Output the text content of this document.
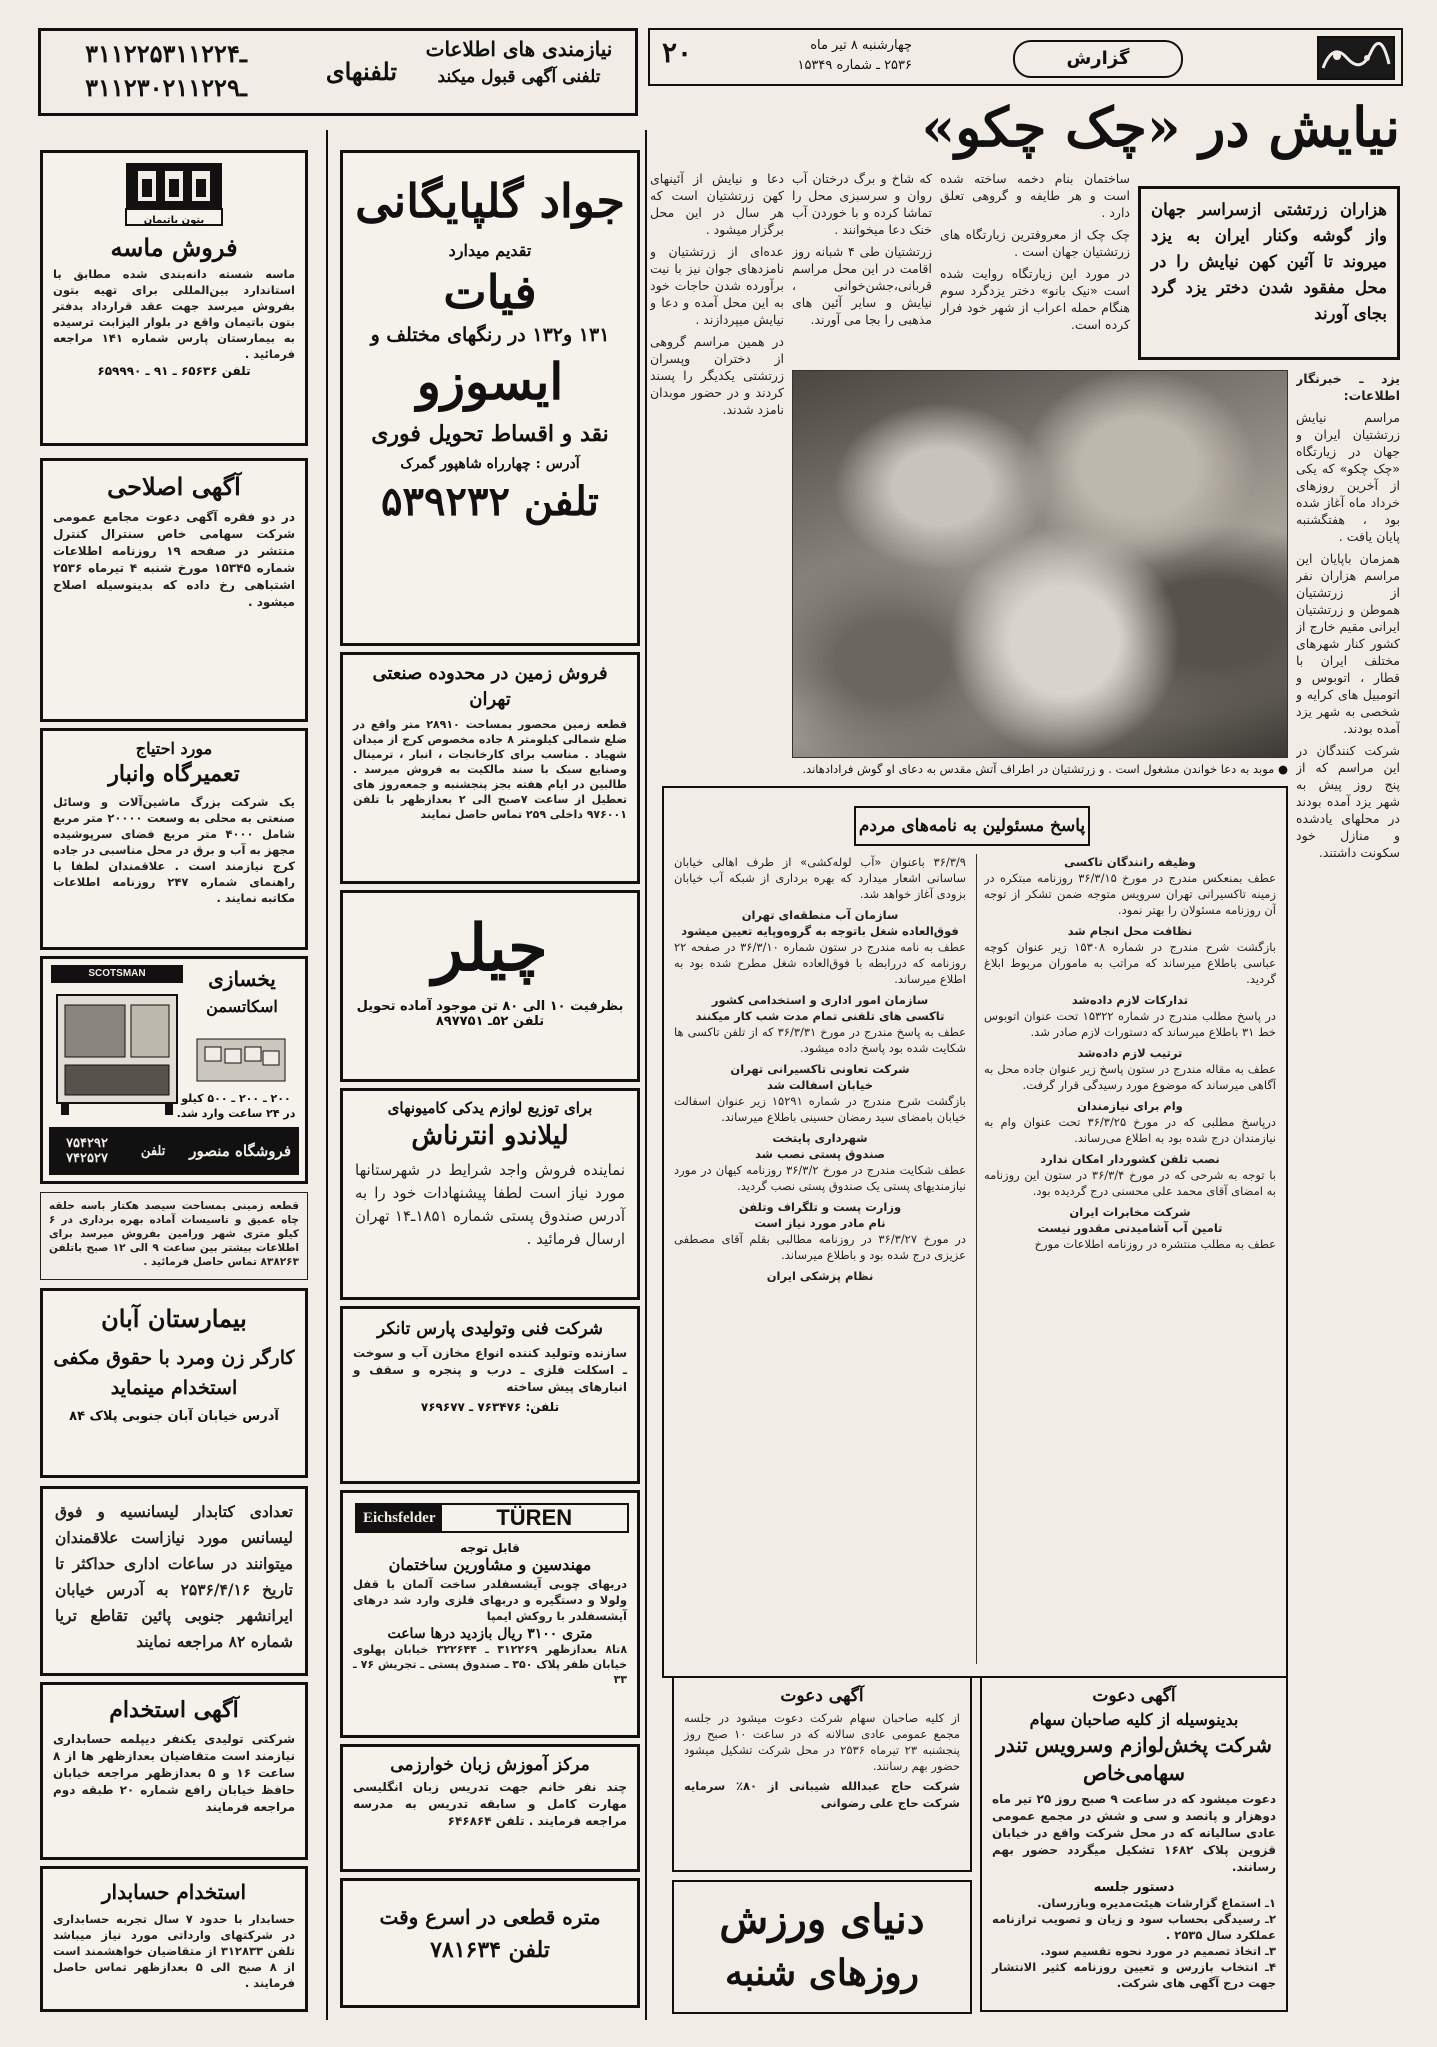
گزارش
چهارشنبه ۸ تیر ماه
۲۵۳۶ ـ شماره ۱۵۳۴۹
۲۰
نیازمندی های اطلاعات
تلفنی آگهی قبول میکند
تلفنهای
۳۱۱۲۲۵ـ۳۱۱۲۲۴
۳۱۱۲۳۰ـ۲۱۱۲۲۹
نیایش در «چک چکو»
هزاران زرتشتی ازسراسر جهان واز گوشه وکنار ایران به یزد میروند تا آئین کهن نیایش را در محل مفقود شدن دختر یزد گرد بجای آورند

ساختمان بنام دخمه ساخته شده است و هر طایفه و گروهی تعلق دارد .

چک چک از معروفترین زیارتگاه های زرتشتیان جهان است .

در مورد این زیارتگاه روایت شده است «نیک بانو» دختر یزدگرد سوم هنگام حمله اعراب از شهر خود فرار کرده است.

که شاخ و برگ درختان آب روان و سرسبزی محل را تماشا کرده و با خوردن آب خنک دعا میخوانند .

زرتشتیان طی ۴ شبانه روز اقامت در این محل مراسم قربانی،جشن‌خوانی ، نیایش و سایر آئین های مذهبی را بجا می آورند.

دعا و نیایش از آئینهای کهن زرتشتیان است که هر سال در این محل برگزار میشود .

عده‌ای از زرتشتیان و نامزدهای جوان نیز با نیت برآورده شدن حاجات خود به این محل آمده و دعا و نیایش میپردازند .

در همین مراسم گروهی از دختران وپسران زرتشتی یکدیگر را پسند کردند و در حضور موبدان نامزد شدند.

یزد ـ خبرنگار اطلاعات:

مراسم نیایش زرتشتیان ایران و جهان در زیارتگاه «چک چکو» که یکی از آخرین روزهای خرداد ماه آغاز شده بود ، هفتگشنبه پایان یافت .

همزمان باپایان این مراسم هزاران نفر از زرتشتیان هموطن و زرتشتیان ایرانی مقیم خارج از کشور کنار شهرهای مختلف ایران با قطار ، اتوبوس و اتومبیل های کرایه و شخصی به شهر یزد آمده بودند.

شرکت کنندگان در این مراسم که از پنج روز پیش به شهر یزد آمده بودند در محلهای یادشده و منازل خود سکونت داشتند.

● موبد به دعا خواندن مشغول است . و زرتشتیان در اطراف آتش مقدس به دعای او گوش فرادادهاند.
پاسخ مسئولین به نامه‌های مردم
وظیفه رانندگان تاکسی

عطف بمنعکس مندرج در مورخ ۳۶/۳/۱۵ روزنامه مبتکره در زمینه تاکسیرانی تهران سرویس متوجه ضمن تشکر از توجه آن روزنامه مسئولان را بهتر نمود.

نظافت محل انجام شد

بازگشت شرح مندرج در شماره ۱۵۳۰۸ زیر عنوان کوچه عباسی باطلاع میرساند که مراتب به ماموران مربوط ابلاغ گردید.

تدارکات لازم داده‌شد

در پاسخ مطلب مندرج در شماره ۱۵۳۲۲ تحت عنوان اتوبوس خط ۳۱ باطلاع میرساند که دستورات لازم صادر شد.

ترتیب لازم داده‌شد

عطف به مقاله مندرج در ستون پاسخ زیر عنوان جاده محل به آگاهی میرساند که موضوع مورد رسیدگی قرار گرفت.

وام برای نیازمندان

درپاسخ مطلبی که در مورخ ۳۶/۳/۲۵ تحت عنوان وام به نیازمندان درج شده بود به اطلاع می‌رساند.

نصب تلفن کشوردار امکان ندارد

با توجه به شرحی که در مورخ ۳۶/۳/۴ در ستون این روزنامه به امضای آقای محمد علی محسنی درج گردیده بود.

شرکت مخابرات ایران
تامین آب آشامیدنی مقدور نیست

عطف به مطلب منتشره در روزنامه اطلاعات مورخ

۳۶/۳/۹ باعنوان «آب لوله‌کشی» از طرف اهالی خیابان ساسانی اشعار میدارد که بهره برداری از شبکه آب خیابان بزودی آغاز خواهد شد.

سازمان آب منطقه‌ای تهران
فوق‌العاده شغل باتوجه به گروه‌وپایه تعیین میشود

عطف به نامه مندرج در ستون شماره ۳۶/۳/۱۰ در صفحه ۲۲ روزنامه که دررابطه با فوق‌العاده شغل مطرح شده بود به اطلاع میرساند.

سازمان امور اداری و استخدامی کشور
تاکسی های تلفنی تمام مدت شب کار میکنند

عطف به پاسخ مندرج در مورخ ۳۶/۳/۳۱ که از تلفن تاکسی ها شکایت شده بود پاسخ داده میشود.

شرکت تعاونی تاکسیرانی تهران
خیابان اسفالت شد

بازگشت شرح مندرج در شماره ۱۵۲۹۱ زیر عنوان اسفالت خیابان بامضای سید رمضان حسینی باطلاع میرساند.

شهرداری پایتخت
صندوق پستی نصب شد

عطف شکایت مندرج در مورخ ۳۶/۳/۲ روزنامه کیهان در مورد نیازمندیهای پستی یک صندوق پستی نصب گردید.

وزارت پست و تلگراف وتلفن
نام مادر مورد نیاز است

در مورخ ۳۶/۳/۲۷ در روزنامه مطالبی بقلم آقای مصطفی عزیزی درج شده بود و باطلاع میرساند.

نظام پزشکی ایران
آگهی دعوت
بدینوسیله از کلیه صاحبان سهام
شرکت پخش‌لوازم وسرویس تندر سهامی‌خاص
دعوت میشود که در ساعت ۹ صبح روز ۲۵ تیر ماه دوهزار و پانصد و سی و شش در مجمع عمومی عادی سالیانه که در محل شرکت واقع در خیابان قزوین پلاک ۱۶۸۲ تشکیل میگردد حضور بهم رسانند.
دستور جلسه
۱ـ استماع گزارشات هیئت‌مدیره وبازرسان.
۲ـ رسیدگی بحساب سود و زیان و تصویب ترازنامه عملکرد سال ۲۵۳۵ .
۳ـ اتخاذ تصمیم در مورد نحوه تقسیم سود.
۴ـ انتخاب بازرس و تعیین روزنامه کثیر الانتشار جهت درج آگهی های شرکت.
آگهی دعوت
از کلیه صاحبان سهام شرکت دعوت میشود در جلسه مجمع عمومی عادی سالانه که در ساعت ۱۰ صبح روز پنجشنبه ۲۳ تیرماه ۲۵۳۶ در محل شرکت تشکیل میشود حضور بهم رسانند.
شرکت حاج عبدالله شیبانی از ۸۰٪ سرمایه شرکت حاج علی رضوانی
دنیای ورزش
روزهای شنبه
جواد گلپایگانی
تقدیم میدارد
فیات
۱۳۱ و۱۳۲ در رنگهای مختلف و
ایسوزو
نقد و اقساط تحویل فوری
آدرس : چهارراه شاهپور گمرک
تلفن ۵۳۹۲۳۲
فروش زمین در محدوده صنعتی تهران
قطعه زمین محصور بمساحت ۲۸۹۱۰ متر واقع در ضلع شمالی کیلومتر ۸ جاده مخصوص کرج از میدان شهیاد . مناسب برای کارخانجات ، انبار ، ترمینال وصنایع سبک با سند مالکیت به فروش میرسد . طالبین در ایام هفته بجز پنجشنبه و جمعه‌روز های تعطیل از ساعت ۷صبح الی ۲ بعدازظهر با تلفن ۹۷۶۰۰۱ داخلی ۲۵۹ تماس حاصل نمایند
چیلر
بظرفیت ۱۰ الی ۸۰ تن موجود آماده تحویل
تلفن ۵۲ـ ۸۹۷۷۵۱
برای توزیع لوازم یدکی کامیونهای
لیلاندو انترناش
نماینده فروش واجد شرایط در شهرستانها مورد نیاز است لطفا پیشنهادات خود را به آدرس صندوق پستی شماره ۱۸۵۱ـ۱۴ تهران ارسال فرمائید .
شرکت فنی وتولیدی پارس تانکر
سازنده وتولید کننده انواع مخازن آب و سوخت ـ اسکلت فلزی ـ درب و پنجره و سقف و انبارهای پیش ساخته
تلفن: ۷۶۳۴۷۶ ـ ۷۶۹۶۷۷
Eichsfelder	TÜREN
قابل توجه
مهندسین و مشاورین ساختمان
دربهای چوبی آیشسفلدر ساخت آلمان با قفل ولولا و دستگیره و دربهای فلزی وارد شد درهای آیشسفلدر با روکش ایمپا
متری ۳۱۰۰ ریال بازدید درها ساعت
۸تا۸ بعدازظهر ۳۱۲۲۶۹ ـ ۳۲۲۶۴۴ خیابان پهلوی خیابان ظفر پلاک ۳۵۰ ـ صندوق پستی ـ تجریش ۷۶ ـ ۳۳
مرکز آموزش زبان خوارزمی
چند نفر خانم جهت تدریس زبان انگلیسی مهارت کامل و سابقه تدریس به مدرسه مراجعه فرمایند . تلفن ۶۴۶۸۶۴
متره قطعی در اسرع وقت
تلفن ۷۸۱۶۳۴
بتون باتیمان
فروش ماسه
ماسه شسته دانه‌بندی شده مطابق با استاندارد بین‌المللی برای تهیه بتون بفروش میرسد جهت عقد قرارداد بدفتر بتون باتیمان واقع در بلوار الیزابت ترسیده به بیمارستان پارس شماره ۱۴۱ مراجعه فرمائید .
تلفن ۶۵۶۳۶ ـ ۹۱ ـ ۶۵۹۹۹۰
آگهی اصلاحی
در دو فقره آگهی دعوت مجامع عمومی شرکت سهامی خاص سنترال کنترل منتشر در صفحه ۱۹ روزنامه اطلاعات شماره ۱۵۳۴۵ مورخ شنبه ۴ تیرماه ۲۵۳۶ اشتباهی رخ داده که بدینوسیله اصلاح میشود .
مورد احتیاج
تعمیرگاه وانبار
یک شرکت بزرگ ماشین‌آلات و وسائل صنعتی به محلی به وسعت ۲۰۰۰۰ متر مربع شامل ۴۰۰۰ متر مربع فضای سرپوشیده مجهز به آب و برق در محل مناسبی در جاده کرج نیازمند است . علاقمندان لطفا با راهنمای شماره ۲۴۷ روزنامه اطلاعات مکاتبه نمایند .
SCOTSMAN	یخسازی
اسکاتسمن
۲۰۰ ـ ۲۰۰ ـ ۵۰۰ کیلو در ۲۴ ساعت وارد شد.
فروشگاه منصور
تلفن
۷۵۴۲۹۲ ۷۴۲۵۲۷
قطعه زمینی بمساحت سیصد هکتار باسه حلقه چاه عمیق و تاسیسات آماده بهره برداری در ۶ کیلو متری شهر ورامین بفروش میرسد برای اطلاعات بیشتر بین ساعت ۹ الی ۱۲ صبح باتلفن ۸۳۸۲۶۳ تماس حاصل فرمائید .
بیمارستان آبان
کارگر زن ومرد با حقوق مکفی استخدام مینماید
آدرس خیابان آبان جنوبی پلاک ۸۴
تعدادی کتابدار لیسانسیه و فوق لیسانس مورد نیازاست علاقمندان میتوانند در ساعات اداری حداکثر تا تاریخ ۲۵۳۶/۴/۱۶ به آدرس خیابان ایرانشهر جنوبی پائین تقاطع تریا شماره ۸۲ مراجعه نمایند
آگهی استخدام
شرکتی تولیدی یکنفر دیپلمه حسابداری نیازمند است متقاضیان بعدازظهر ها از ۸ ساعت ۱۶ و ۵ بعدازظهر مراجعه خیابان حافظ خیابان رافع شماره ۲۰ طبقه دوم مراجعه فرمایند
استخدام حسابدار
حسابدار با حدود ۷ سال تجربه حسابداری در شرکتهای وارداتی مورد نیاز میباشد تلفن ۳۱۲۸۳۳ از متقاضیان خواهشمند است از ۸ صبح الی ۵ بعدازظهر تماس حاصل فرمایند .
